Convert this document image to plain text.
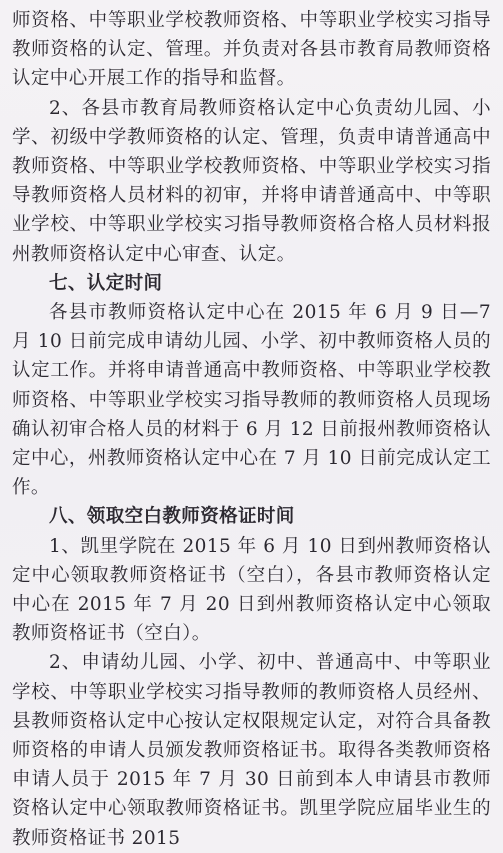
师资格、中等职业学校教师资格、中等职业学校实习指导教师资格的认定、管理。并负责对各县市教育局教师资格认定中心开展工作的指导和监督。

2、各县市教育局教师资格认定中心负责幼儿园、小学、初级中学教师资格的认定、管理，负责申请普通高中教师资格、中等职业学校教师资格、中等职业学校实习指导教师资格人员材料的初审，并将申请普通高中、中等职业学校、中等职业学校实习指导教师资格合格人员材料报州教师资格认定中心审查、认定。

七、认定时间

各县市教师资格认定中心在 2015 年 6 月 9 日—7 月 10 日前完成申请幼儿园、小学、初中教师资格人员的认定工作。并将申请普通高中教师资格、中等职业学校教师资格、中等职业学校实习指导教师的教师资格人员现场确认初审合格人员的材料于 6 月 12 日前报州教师资格认定中心，州教师资格认定中心在 7 月 10 日前完成认定工作。

八、领取空白教师资格证时间

1、凯里学院在 2015 年 6 月 10 日到州教师资格认定中心领取教师资格证书（空白），各县市教师资格认定中心在 2015 年 7 月 20 日到州教师资格认定中心领取教师资格证书（空白）。

2、申请幼儿园、小学、初中、普通高中、中等职业学校、中等职业学校实习指导教师的教师资格人员经州、县教师资格认定中心按认定权限规定认定，对符合具备教师资格的申请人员颁发教师资格证书。取得各类教师资格申请人员于 2015 年 7 月 30 日前到本人申请县市教师资格认定中心领取教师资格证书。凯里学院应届毕业生的教师资格证书 2015
